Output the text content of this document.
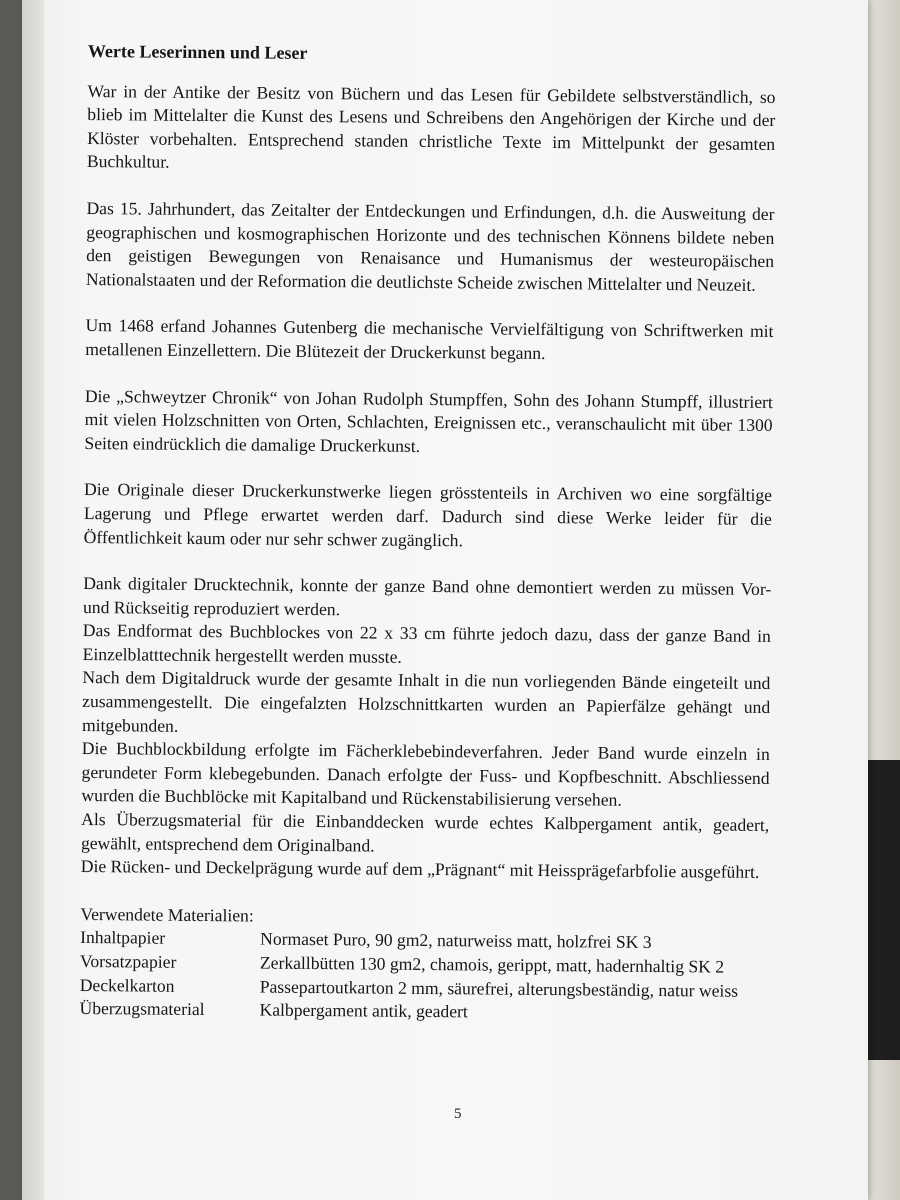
Werte Leserinnen und Leser

War in der Antike der Besitz von Büchern und das Lesen für Gebildete selbstverständlich, so blieb im Mittelalter die Kunst des Lesens und Schreibens den Angehörigen der Kirche und der Klöster vorbehalten. Entsprechend standen christliche Texte im Mittelpunkt der gesamten Buchkultur.

Das 15. Jahrhundert, das Zeitalter der Entdeckungen und Erfindungen, d.h. die Ausweitung der geographischen und kosmographischen Horizonte und des technischen Könnens bildete neben den geistigen Bewegungen von Renaisance und Humanismus der westeuropäischen Nationalstaaten und der Reformation die deutlichste Scheide zwischen Mittelalter und Neuzeit.

Um 1468 erfand Johannes Gutenberg die mechanische Vervielfältigung von Schriftwerken mit metallenen Einzellettern. Die Blütezeit der Druckerkunst begann.

Die „Schweytzer Chronik“ von Johan Rudolph Stumpffen, Sohn des Johann Stumpff, illustriert mit vielen Holzschnitten von Orten, Schlachten, Ereignissen etc., veranschaulicht mit über 1300 Seiten eindrücklich die damalige Druckerkunst.

Die Originale dieser Druckerkunstwerke liegen grösstenteils in Archiven wo eine sorgfältige Lagerung und Pflege erwartet werden darf. Dadurch sind diese Werke leider für die Öffentlichkeit kaum oder nur sehr schwer zugänglich.

Dank digitaler Drucktechnik, konnte der ganze Band ohne demontiert werden zu müssen Vor- und Rückseitig reproduziert werden.

Das Endformat des Buchblockes von 22 x 33 cm führte jedoch dazu, dass der ganze Band in Einzelblatttechnik hergestellt werden musste.

Nach dem Digitaldruck wurde der gesamte Inhalt in die nun vorliegenden Bände eingeteilt und zusammengestellt. Die eingefalzten Holzschnittkarten wurden an Papierfälze gehängt und mitgebunden.

Die Buchblockbildung erfolgte im Fächerklebebindeverfahren. Jeder Band wurde einzeln in gerundeter Form klebegebunden. Danach erfolgte der Fuss- und Kopfbeschnitt. Abschliessend wurden die Buchblöcke mit Kapitalband und Rückenstabilisierung versehen.

Als Überzugsmaterial für die Einbanddecken wurde echtes Kalbpergament antik, geadert, gewählt, entsprechend dem Originalband.

Die Rücken- und Deckelprägung wurde auf dem „Prägnant“ mit Heissprägefarbfolie ausgeführt.

Verwendete Materialien:
Inhaltpapier	Normaset Puro, 90 gm2, naturweiss matt, holzfrei SK 3
Vorsatzpapier	Zerkallbütten 130 gm2, chamois, gerippt, matt, hadernhaltig SK 2
Deckelkarton	Passepartoutkarton 2 mm, säurefrei, alterungsbeständig, natur weiss
Überzugsmaterial	Kalbpergament antik, geadert
5
